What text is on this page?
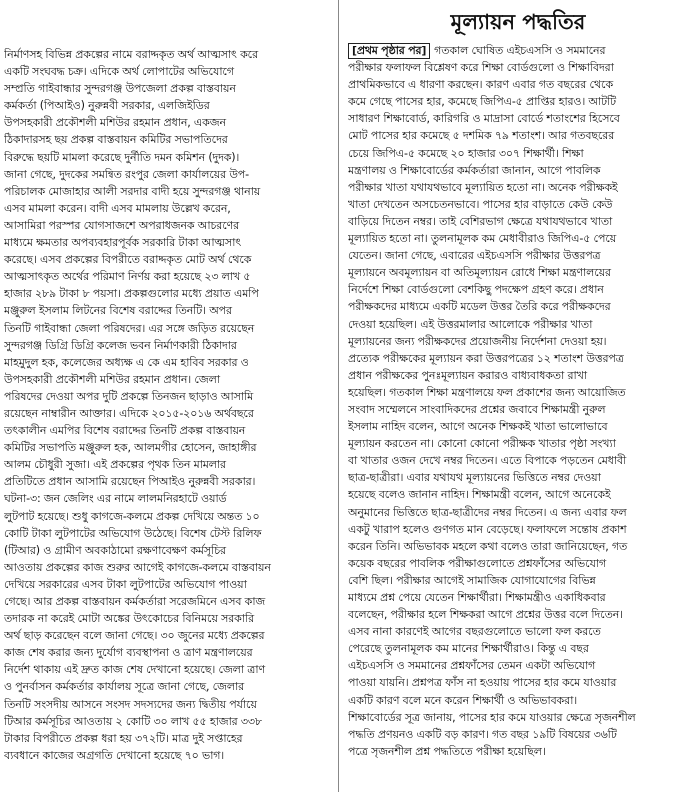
নির্মাণসহ বিভিন্ন প্রকল্পের নামে বরাদ্দকৃত অর্থ আত্মসাৎ করে
একটি সংঘবদ্ধ চক্র। এদিকে অর্থ লোপাটের অভিযোগে
সম্প্রতি গাইবান্ধার সুন্দরগঞ্জ উপজেলা প্রকল্প বাস্তবায়ন
কর্মকর্তা (পিআইও) নুরুন্নবী সরকার, এলজিইডির
উপসহকারী প্রকৌশলী মশিউর রহমান প্রধান, একজন
ঠিকাদারসহ ছয় প্রকল্প বাস্তবায়ন কমিটির সভাপতিদের
বিরুদ্ধে ছয়টি মামলা করেছে দুর্নীতি দমন কমিশন (দুদক)।
জানা গেছে, দুদকের সমন্বিত রংপুর জেলা কার্যালয়ের উপ-
পরিচালক মোজাহার আলী সরদার বাদী হয়ে সুন্দরগঞ্জ থানায়
এসব মামলা করেন। বাদী এসব মামলায় উল্লেখ করেন,
আসামিরা পরস্পর যোগসাজশে অপরাধজনক আচরণের
মাধ্যমে ক্ষমতার অপব্যবহারপূর্বক সরকারি টাকা আত্মসাৎ
করেছে। এসব প্রকল্পের বিপরীতে বরাদ্দকৃত মোট অর্থ থেকে
আত্মসাৎকৃত অর্থের পরিমাণ নির্ণয় করা হয়েছে ২৩ লাখ ৫
হাজার ২৮৯ টাকা ৮ পয়সা। প্রকল্পগুলোর মধ্যে প্রয়াত এমপি
মঞ্জুরুল ইসলাম লিটনের বিশেষ বরাদ্দের তিনটি। অপর
তিনটি গাইবান্ধা জেলা পরিষদের। এর সঙ্গে জড়িত রয়েছেন
সুন্দরগঞ্জ ডিগ্রি ডিগ্রি কলেজ ভবন নির্মাণকারী ঠিকাদার
মাহমুদুল হক, কলেজের অধ্যক্ষ এ কে এম হাবিব সরকার ও
উপসহকারী প্রকৌশলী মশিউর রহমান প্রধান। জেলা
পরিষদের দেওয়া অপর দুটি প্রকল্পে তিনজন ছাড়াও আসামি
রয়েছেন নাম্বারীন আক্তার। এদিকে ২০১৫-২০১৬ অর্থবছরে
তৎকালীন এমপির বিশেষ বরাদ্দের তিনটি প্রকল্প বাস্তবায়ন
কমিটির সভাপতি মঞ্জুরুল হক, আলমগীর হোসেন, জাহাঙ্গীর
আলম চৌধুরী সুজা। এই প্রকল্পের পৃথক তিন মামলার
প্রতিটিতে প্রধান আসামি রয়েছেন পিআইও নুরুন্নবী সরকার।
ঘটনা-৩: জন জেলিং এর নামে লালমনিরহাটে ওয়ার্ড
লুটপাট হয়েছে। শুধু কাগজে-কলমে প্রকল্প দেখিয়ে অন্তত ১০
কোটি টাকা লুটপাটের অভিযোগ উঠেছে। বিশেষ টেস্ট রিলিফ
(টিআর) ও গ্রামীণ অবকাঠামো রক্ষণাবেক্ষণ কর্মসূচির
আওতায় প্রকল্পের কাজ শুরুর আগেই কাগজে-কলমে বাস্তবায়ন
দেখিয়ে সরকারের এসব টাকা লুটপাটের অভিযোগ পাওয়া
গেছে। আর প্রকল্প বাস্তবায়ন কর্মকর্তারা সরেজমিনে এসব কাজ
তদারক না করেই মোটা অঙ্কের উৎকোচের বিনিময়ে সরকারি
অর্থ ছাড় করেছেন বলে জানা গেছে। ৩০ জুনের মধ্যে প্রকল্পের
কাজ শেষ করার জন্য দুর্যোগ ব্যবস্থাপনা ও ত্রাণ মন্ত্রণালয়ের
নির্দেশ থাকায় এই দ্রুত কাজ শেষ দেখানো হয়েছে। জেলা ত্রাণ
ও পুনর্বাসন কর্মকর্তার কার্যালয় সূত্রে জানা গেছে, জেলার
তিনটি সংসদীয় আসনে সংসদ সদস্যদের জন্য দ্বিতীয় পর্যায়ে
টিআর কর্মসূচির আওতায় ২ কোটি ৩০ লাখ ৫৫ হাজার ৩৩৮
টাকার বিপরীতে প্রকল্প ধরা হয় ৩৭২টি। মাত্র দুই সপ্তাহের
ব্যবধানে কাজের অগ্রগতি দেখানো হয়েছে ৭০ ভাগ।
মূল্যায়ন পদ্ধতির
[প্রথম পৃষ্ঠার পর] গতকাল ঘোষিত এইচএসসি ও সমমানের
পরীক্ষার ফলাফল বিশ্লেষণ করে শিক্ষা বোর্ডগুলো ও শিক্ষাবিদরা
প্রাথমিকভাবে এ ধারণা করছেন। কারণ এবার গত বছরের থেকে
কমে গেছে পাসের হার, কমেছে জিপিএ-৫ প্রাপ্তির হারও। আটটি
সাধারণ শিক্ষাবোর্ড, কারিগরি ও মাদ্রাসা বোর্ডে শতাংশের হিসেবে
মোট পাসের হার কমেছে ৫ দশমিক ৭৯ শতাংশ। আর গতবছরের
চেয়ে জিপিএ-৫ কমেছে ২০ হাজার ৩০৭ শিক্ষার্থী। শিক্ষা
মন্ত্রণালয় ও শিক্ষাবোর্ডের কর্মকর্তারা জানান, আগে পাবলিক
পরীক্ষার খাতা যথাযথভাবে মূল্যায়িত হতো না। অনেক পরীক্ষকই
খাতা দেখতেন অসচেতনভাবে। পাসের হার বাড়াতে কেউ কেউ
বাড়িয়ে দিতেন নম্বর। তাই বেশিরভাগ ক্ষেত্রে যথাযথভাবে খাতা
মূল্যায়িত হতো না। তুলনামূলক কম মেধাবীরাও জিপিএ-৫ পেয়ে
যেতেন। জানা গেছে, এবারের এইচএসসি পরীক্ষার উত্তরপত্র
মূল্যায়নে অবমূল্যায়ন বা অতিমূল্যায়ন রোধে শিক্ষা মন্ত্রণালয়ের
নির্দেশে শিক্ষা বোর্ডগুলো বেশকিছু পদক্ষেপ গ্রহণ করে। প্রধান
পরীক্ষকদের মাধ্যমে একটি মডেল উত্তর তৈরি করে পরীক্ষকদের
দেওয়া হয়েছিল। এই উত্তরমালার আলোকে পরীক্ষার খাতা
মূল্যায়নের জন্য পরীক্ষকদের প্রয়োজনীয় নির্দেশনা দেওয়া হয়।
প্রত্যেক পরীক্ষকের মূল্যায়ন করা উত্তরপত্রের ১২ শতাংশ উত্তরপত্র
প্রধান পরীক্ষকের পুনঃমূল্যায়ন করারও বাধ্যবাধকতা রাখা
হয়েছিল। গতকাল শিক্ষা মন্ত্রণালয়ে ফল প্রকাশের জন্য আয়োজিত
সংবাদ সম্মেলনে সাংবাদিকদের প্রশ্নের জবাবে শিক্ষামন্ত্রী নুরুল
ইসলাম নাহিদ বলেন, আগে অনেক শিক্ষকই খাতা ভালোভাবে
মূল্যায়ন করতেন না। কোনো কোনো পরীক্ষক খাতার পৃষ্ঠা সংখ্যা
বা খাতার ওজন দেখে নম্বর দিতেন। এতে বিপাকে পড়তেন মেধাবী
ছাত্র-ছাত্রীরা। এবার যথাযথ মূল্যায়নের ভিত্তিতে নম্বর দেওয়া
হয়েছে বলেও জানান নাহিদ। শিক্ষামন্ত্রী বলেন, আগে অনেকেই
অনুমানের ভিত্তিতে ছাত্র-ছাত্রীদের নম্বর দিতেন। এ জন্য এবার ফল
একটু খারাপ হলেও গুণগত মান বেড়েছে। ফলাফলে সন্তোষ প্রকাশ
করেন তিনি। অভিভাবক মহলে কথা বলেও তারা জানিয়েছেন, গত
কয়েক বছরের পাবলিক পরীক্ষাগুলোতে প্রশ্নফাঁসের অভিযোগ
বেশি ছিল। পরীক্ষার আগেই সামাজিক যোগাযোগের বিভিন্ন
মাধ্যমে প্রশ্ন পেয়ে যেতেন শিক্ষার্থীরা। শিক্ষামন্ত্রীও একাধিকবার
বলেছেন, পরীক্ষার হলে শিক্ষকরা আগে প্রশ্নের উত্তর বলে দিতেন।
এসব নানা কারণেই আগের বছরগুলোতে ভালো ফল করতে
পেরেছে তুলনামূলক কম মানের শিক্ষার্থীরাও। কিন্তু এ বছর
এইচএসসি ও সমমানের প্রশ্নফাঁসের তেমন একটা অভিযোগ
পাওয়া যায়নি। প্রশ্নপত্র ফাঁস না হওয়ায় পাসের হার কমে যাওয়ার
একটি কারণ বলে মনে করেন শিক্ষার্থী ও অভিভাবকরা।
শিক্ষাবোর্ডের সূত্র জানায়, পাসের হার কমে যাওয়ার ক্ষেত্রে সৃজনশীল
পদ্ধতি প্রণয়নও একটি বড় কারণ। গত বছর ১৯টি বিষয়ের ৩৬টি
পত্রে সৃজনশীল প্রশ্ন পদ্ধতিতে পরীক্ষা হয়েছিল।
